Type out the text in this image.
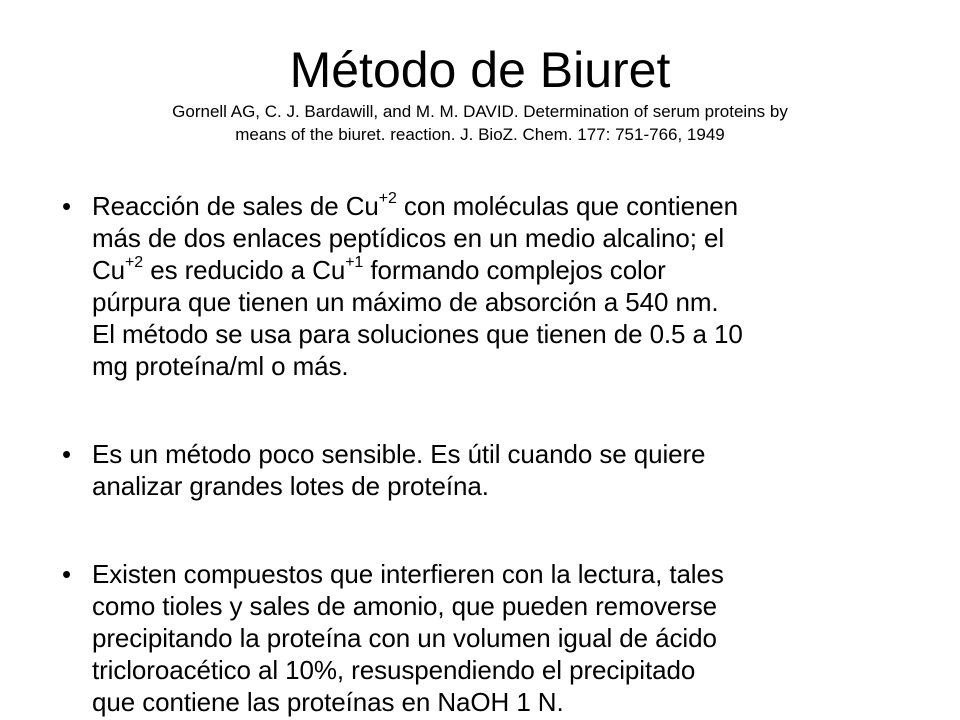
Método de Biuret

Gornell AG, C. J. Bardawill, and M. M. DAVID. Determination of serum proteins by
means of the biuret. reaction. J. BioZ. Chem. 177: 751-766, 1949

• Reacción de sales de $Cu^{+2}$ con moléculas que contienen
más de dos enlaces peptídicos en un medio alcalino; el
$Cu^{+2}$ es reducido a $Cu^{+1}$ formando complejos color
púrpura que tienen un máximo de absorción a 540 nm.
El método se usa para soluciones que tienen de 0.5 a 10
mg proteína/ml o más.
• Es un método poco sensible. Es útil cuando se quiere
analizar grandes lotes de proteína.
• Existen compuestos que interfieren con la lectura, tales
como tioles y sales de amonio, que pueden removerse
precipitando la proteína con un volumen igual de ácido
tricloroacético al 10%, resuspendiendo el precipitado
que contiene las proteínas en NaOH 1 N.
